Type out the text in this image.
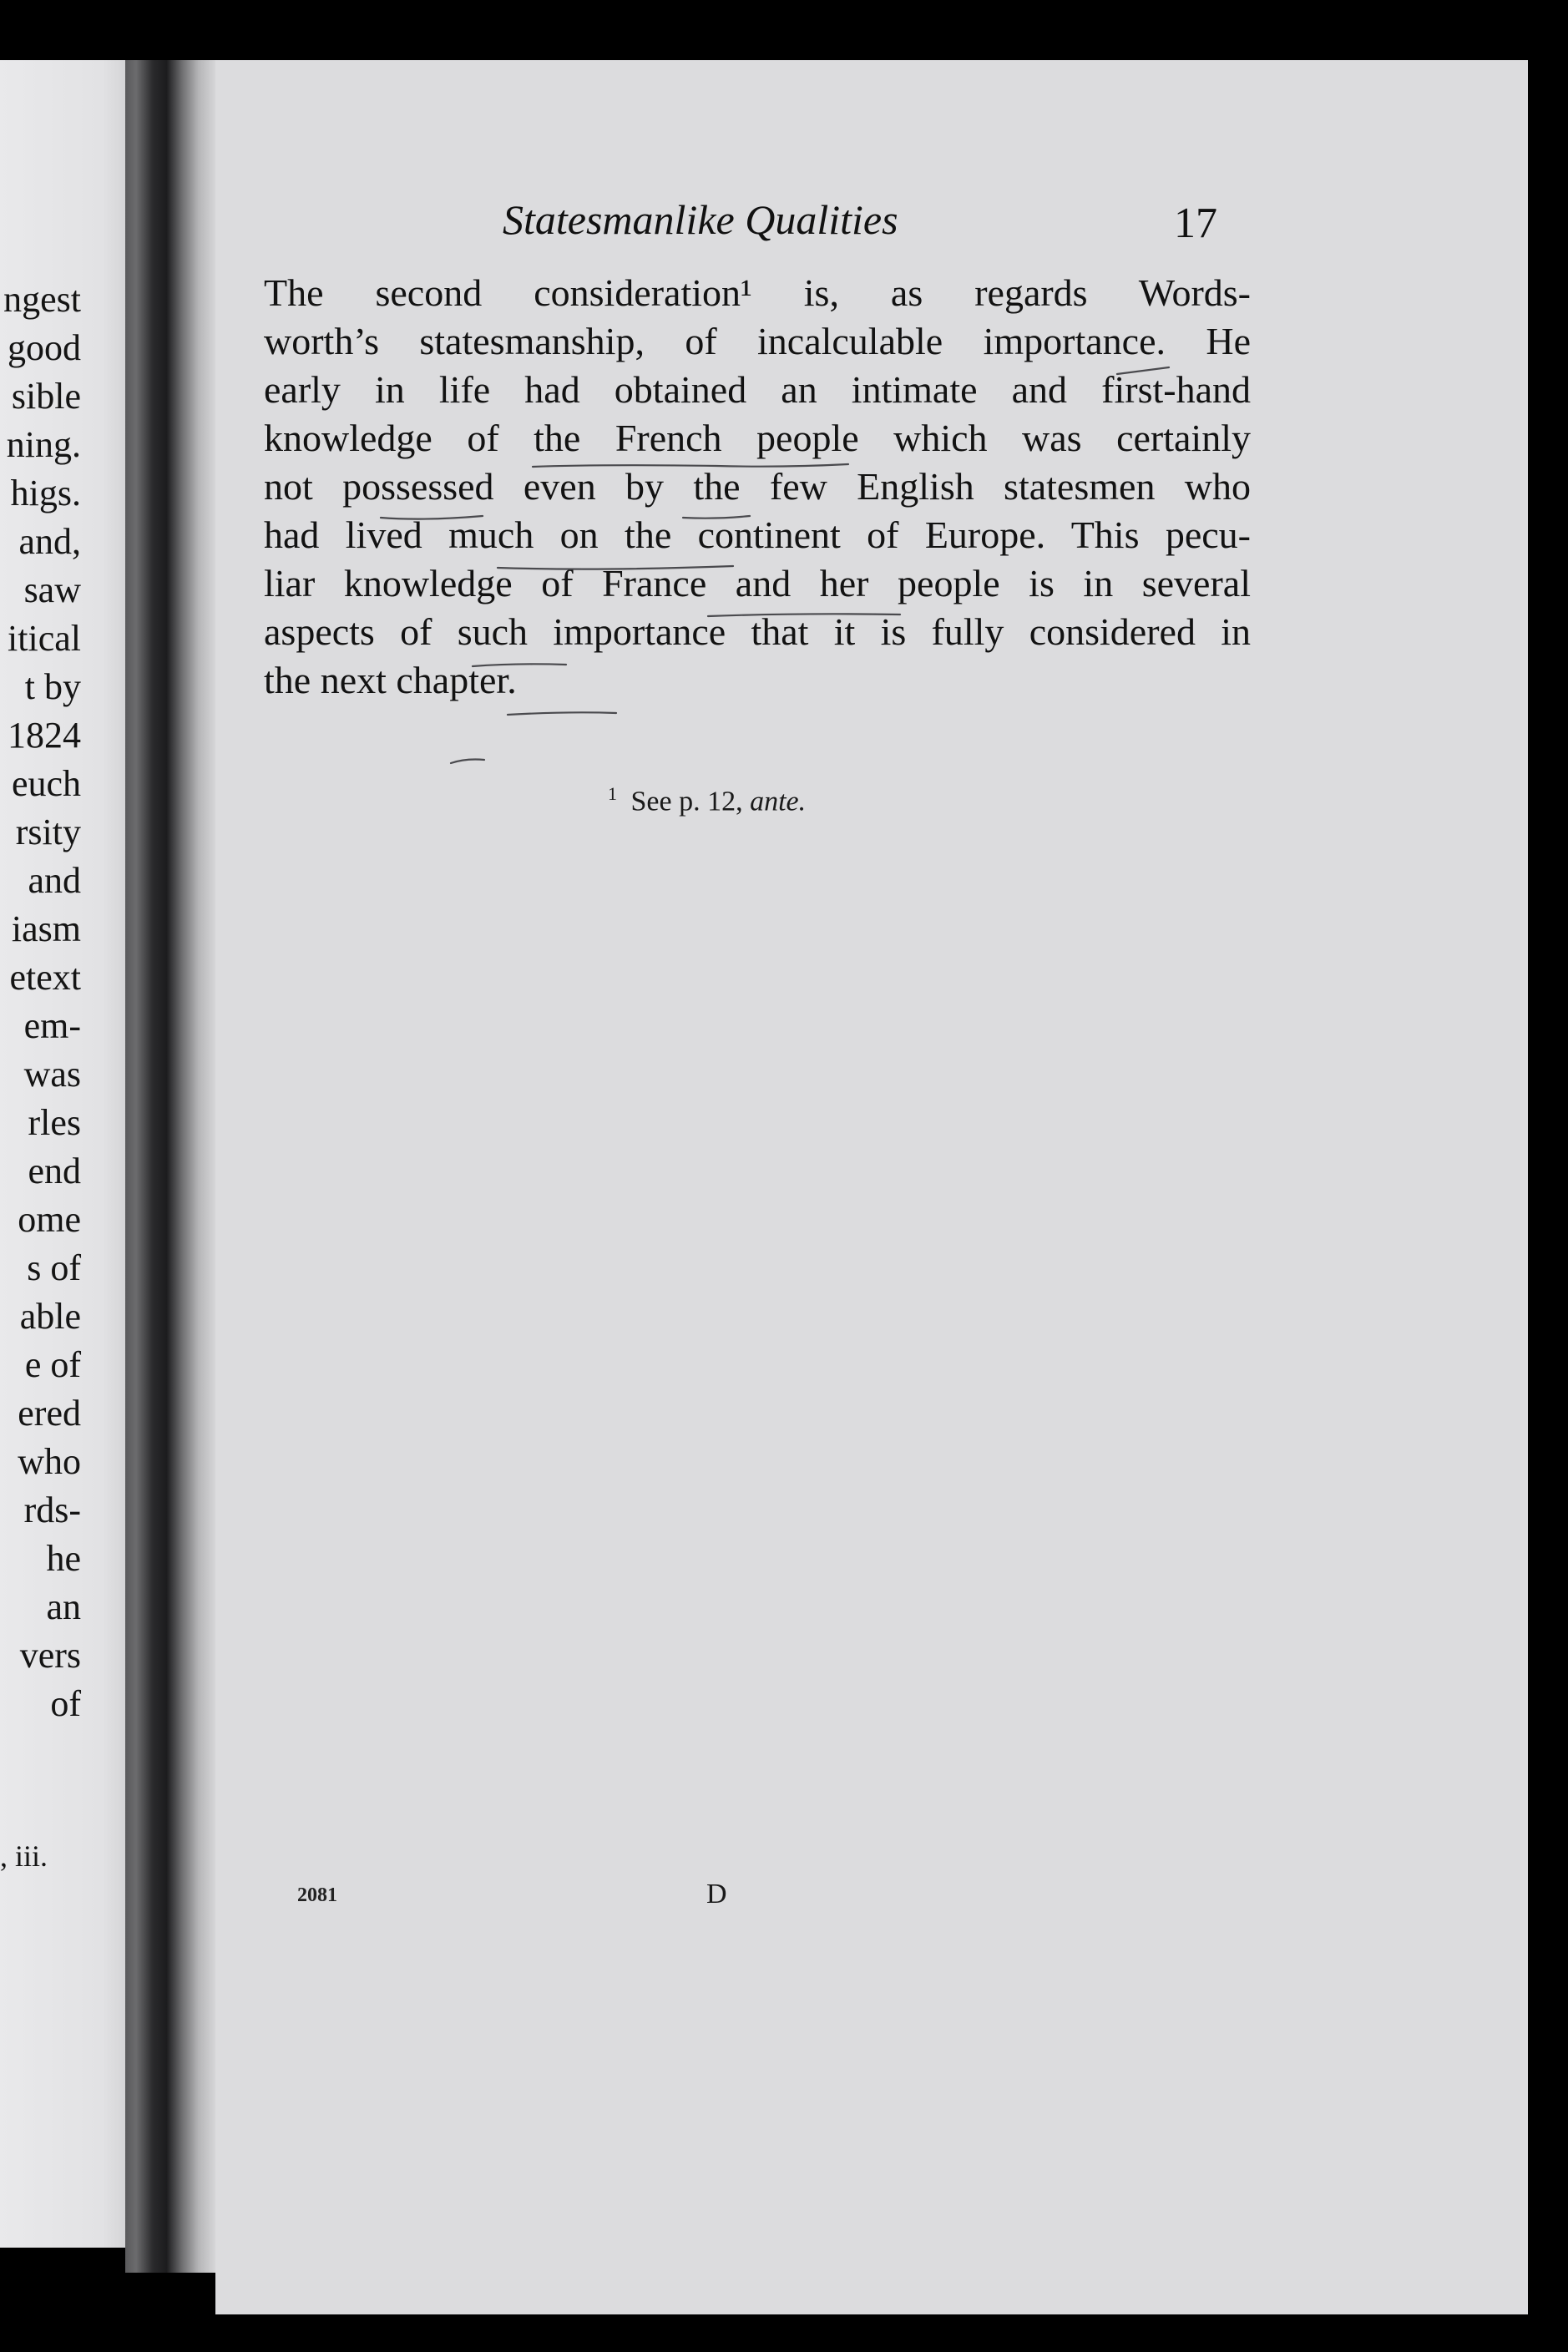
ngest
good
sible
ning.
higs.
and,
saw
itical
t by
1824
euch
rsity
and
iasm
etext
em-
was
rles
end
ome
s of
able
e of
ered
who
rds-
he
an
vers
of
, iii.
Statesmanlike Qualities	17
The second consideration¹ is, as regards Words-
worth’s statesmanship, of incalculable importance. He
early in life had obtained an intimate and first-hand
knowledge of the French people which was certainly
not possessed even by the few English statesmen who
had lived much on the continent of Europe. This pecu-
liar knowledge of France and her people is in several
aspects of such importance that it is fully considered in
the next chapter.
$^1$ See p. 12, ante.
2081	D
